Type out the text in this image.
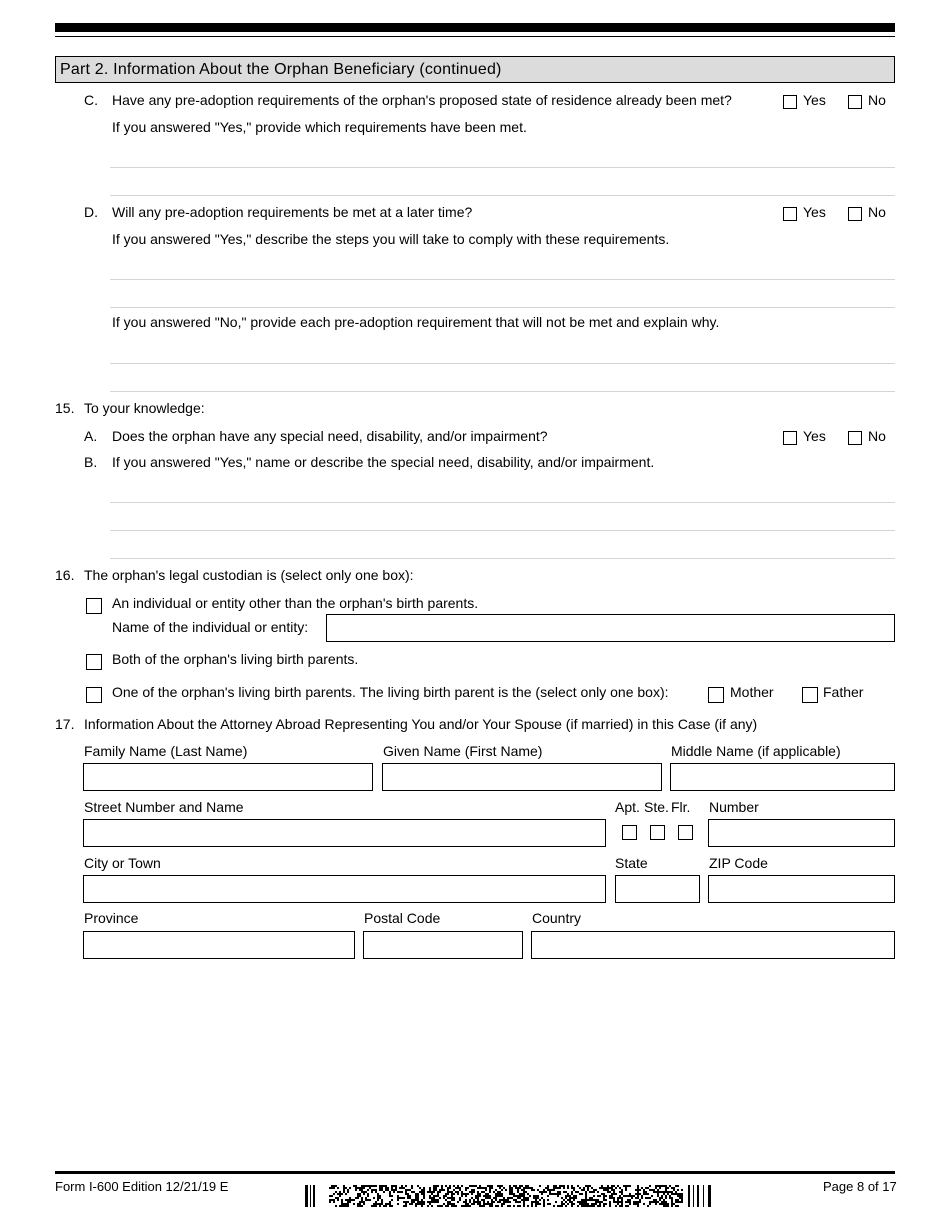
Part 2. Information About the Orphan Beneficiary (continued)
C. Have any pre-adoption requirements of the orphan's proposed state of residence already been met?	Yes	No
If you answered "Yes," provide which requirements have been met.
D. Will any pre-adoption requirements be met at a later time?	Yes	No
If you answered "Yes," describe the steps you will take to comply with these requirements.
If you answered "No," provide each pre-adoption requirement that will not be met and explain why.
15. To your knowledge:
A. Does the orphan have any special need, disability, and/or impairment?	Yes	No
B. If you answered "Yes," name or describe the special need, disability, and/or impairment.
16. The orphan's legal custodian is (select only one box):
An individual or entity other than the orphan's birth parents.
Name of the individual or entity:
Both of the orphan's living birth parents.
One of the orphan's living birth parents. The living birth parent is the (select only one box):	Mother	Father
17. Information About the Attorney Abroad Representing You and/or Your Spouse (if married) in this Case (if any)
Family Name (Last Name)	Given Name (First Name)	Middle Name (if applicable)
Street Number and Name	Apt. Ste. Flr. Number
City or Town	State	ZIP Code
Province	Postal Code	Country
Form I-600 Edition 12/21/19 E	Page 8 of 17
